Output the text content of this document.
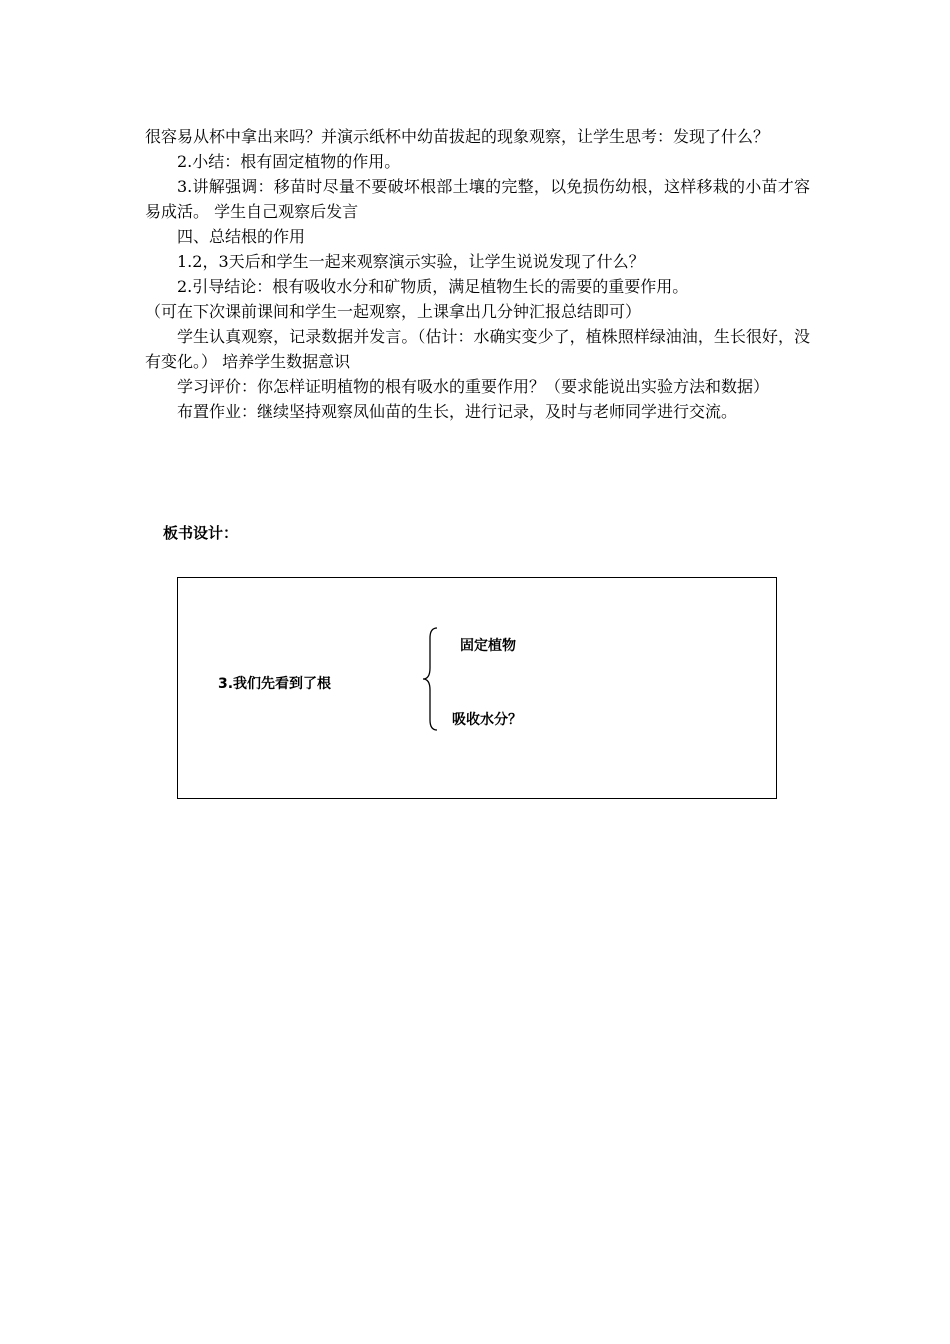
很容易从杯中拿出来吗？并演示纸杯中幼苗拔起的现象观察，让学生思考：发现了什么？

2.小结：根有固定植物的作用。

3.讲解强调：移苗时尽量不要破坏根部土壤的完整，以免损伤幼根，这样移栽的小苗才容易成活。 学生自己观察后发言

四、总结根的作用

1.2，3天后和学生一起来观察演示实验，让学生说说发现了什么？

2.引导结论：根有吸收水分和矿物质，满足植物生长的需要的重要作用。

（可在下次课前课间和学生一起观察，上课拿出几分钟汇报总结即可）

学生认真观察，记录数据并发言。（估计：水确实变少了，植株照样绿油油，生长很好，没有变化。） 培养学生数据意识

学习评价：你怎样证明植物的根有吸水的重要作用？（要求能说出实验方法和数据）

布置作业：继续坚持观察凤仙苗的生长，进行记录，及时与老师同学进行交流。

板书设计：
3.我们先看到了根
固定植物
吸收水分？
